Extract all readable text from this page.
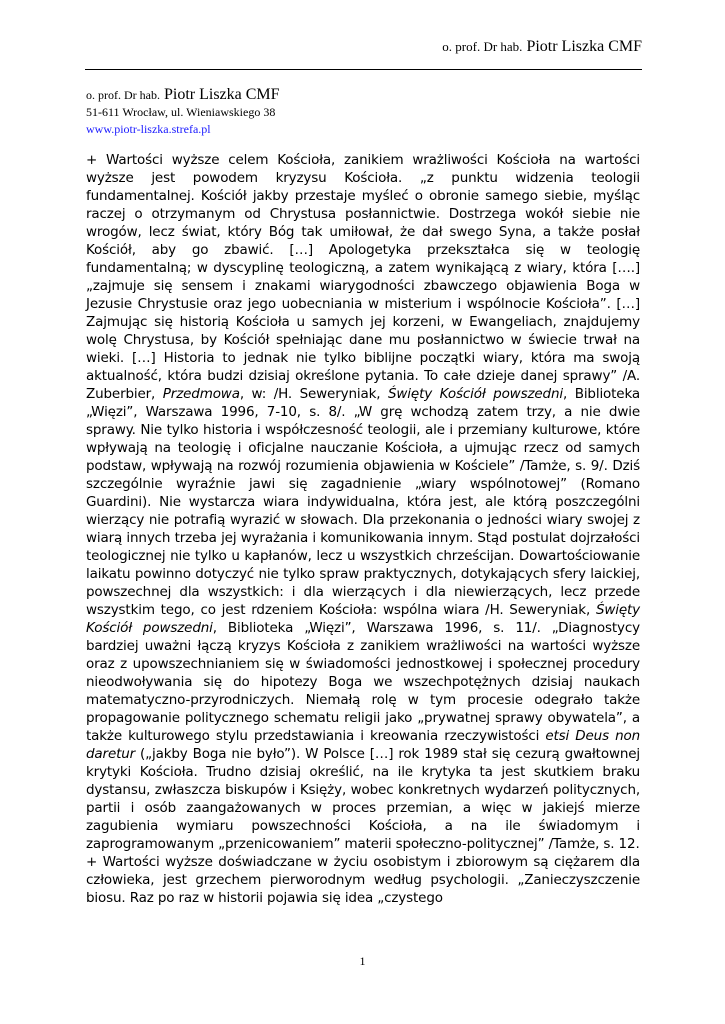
o. prof. Dr hab. Piotr Liszka CMF
o. prof. Dr hab. Piotr Liszka CMF
51-611 Wrocław, ul. Wieniawskiego 38
www.piotr-liszka.strefa.pl

+ Wartości wyższe celem Kościoła, zanikiem wrażliwości Kościoła na wartości wyższe jest powodem kryzysu Kościoła. „z punktu widzenia teologii fundamentalnej. Kościół jakby przestaje myśleć o obronie samego siebie, myśląc raczej o otrzymanym od Chrystusa posłannictwie. Dostrzega wokół siebie nie wrogów, lecz świat, który Bóg tak umiłował, że dał swego Syna, a także posłał Kościół, aby go zbawić. […] Apologetyka przekształca się w teologię fundamentalną; w dyscyplinę teologiczną, a zatem wynikającą z wiary, która [….] „zajmuje się sensem i znakami wiarygodności zbawczego objawienia Boga w Jezusie Chrystusie oraz jego uobecniania w misterium i wspólnocie Kościoła”. […] Zajmując się historią Kościoła u samych jej korzeni, w Ewangeliach, znajdujemy wolę Chrystusa, by Kościół spełniając dane mu posłannictwo w świecie trwał na wieki. […] Historia to jednak nie tylko biblijne początki wiary, która ma swoją aktualność, która budzi dzisiaj określone pytania. To całe dzieje danej sprawy” /A. Zuberbier, Przedmowa, w: /H. Seweryniak, Święty Kościół powszedni, Biblioteka „Więzi”, Warszawa 1996, 7-10, s. 8/. „W grę wchodzą zatem trzy, a nie dwie sprawy. Nie tylko historia i współczesność teologii, ale i przemiany kulturowe, które wpływają na teologię i oficjalne nauczanie Kościoła, a ujmując rzecz od samych podstaw, wpływają na rozwój rozumienia objawienia w Kościele” /Tamże, s. 9/. Dziś szczególnie wyraźnie jawi się zagadnienie „wiary wspólnotowej” (Romano Guardini). Nie wystarcza wiara indywidualna, która jest, ale którą poszczególni wierzący nie potrafią wyrazić w słowach. Dla przekonania o jedności wiary swojej z wiarą innych trzeba jej wyrażania i komunikowania innym. Stąd postulat dojrzałości teologicznej nie tylko u kapłanów, lecz u wszystkich chrześcijan. Dowartościowanie laikatu powinno dotyczyć nie tylko spraw praktycznych, dotykających sfery laickiej, powszechnej dla wszystkich: i dla wierzących i dla niewierzących, lecz przede wszystkim tego, co jest rdzeniem Kościoła: wspólna wiara /H. Seweryniak, Święty Kościół powszedni, Biblioteka „Więzi”, Warszawa 1996, s. 11/. „Diagnostycy bardziej uważni łączą kryzys Kościoła z zanikiem wrażliwości na wartości wyższe oraz z upowszechnianiem się w świadomości jednostkowej i społecznej procedury nieodwoływania się do hipotezy Boga we wszechpotężnych dzisiaj naukach matematyczno-przyrodniczych. Niemałą rolę w tym procesie odegrało także propagowanie politycznego schematu religii jako „prywatnej sprawy obywatela”, a także kulturowego stylu przedstawiania i kreowania rzeczywistości etsi Deus non daretur („jakby Boga nie było”). W Polsce […] rok 1989 stał się cezurą gwałtownej krytyki Kościoła. Trudno dzisiaj określić, na ile krytyka ta jest skutkiem braku dystansu, zwłaszcza biskupów i Księży, wobec konkretnych wydarzeń politycznych, partii i osób zaangażowanych w proces przemian, a więc w jakiejś mierze zagubienia wymiaru powszechności Kościoła, a na ile świadomym i zaprogramowanym „przenicowaniem” materii społeczno-politycznej” /Tamże, s. 12.

+ Wartości wyższe doświadczane w życiu osobistym i zbiorowym są ciężarem dla człowieka, jest grzechem pierworodnym według psychologii. „Zanieczyszczenie biosu. Raz po raz w historii pojawia się idea „czystego

1
